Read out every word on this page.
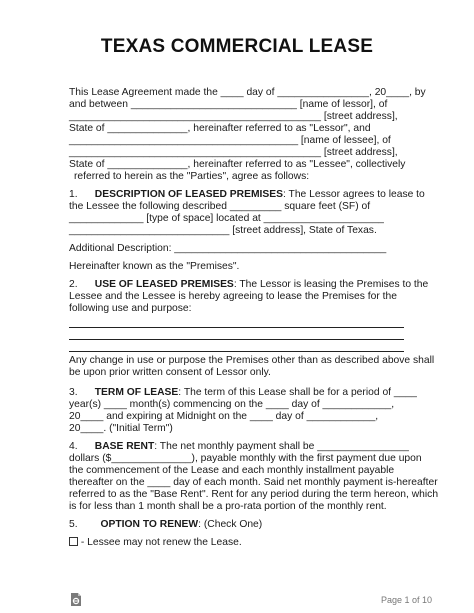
TEXAS COMMERCIAL LEASE
This Lease Agreement made the ____ day of ________________, 20____, by
and between _____________________________ [name of lessor], of
____________________________________________ [street address],
State of ______________, hereinafter referred to as "Lessor", and
________________________________________ [name of lessee], of
____________________________________________ [street address],
State of ______________, hereinafter referred to as "Lessee", collectively
referred to herein as the "Parties", agree as follows:
1. DESCRIPTION OF LEASED PREMISES: The Lessor agrees to lease to
the Lessee the following described _________ square feet (SF) of
_____________ [type of space] located at _____________________
____________________________ [street address], State of Texas.
Additional Description: _____________________________________
Hereinafter known as the "Premises".
2. USE OF LEASED PREMISES: The Lessor is leasing the Premises to the
Lessee and the Lessee is hereby agreeing to lease the Premises for the
following use and purpose:
Any change in use or purpose the Premises other than as described above shall
be upon prior written consent of Lessor only.
3. TERM OF LEASE: The term of this Lease shall be for a period of ____
year(s) ____ month(s) commencing on the ____ day of ____________,
20____ and expiring at Midnight on the ____ day of ____________,
20____. ("Initial Term")
4. BASE RENT: The net monthly payment shall be ________________
dollars ($______________), payable monthly with the first payment due upon
the commencement of the Lease and each monthly installment payable
thereafter on the ____ day of each month. Said net monthly payment is-hereafter
referred to as the "Base Rent". Rent for any period during the term hereon, which
is for less than 1 month shall be a pro-rata portion of the monthly rent.
5. OPTION TO RENEW: (Check One)
- Lessee may not renew the Lease.
Page 1 of 10
